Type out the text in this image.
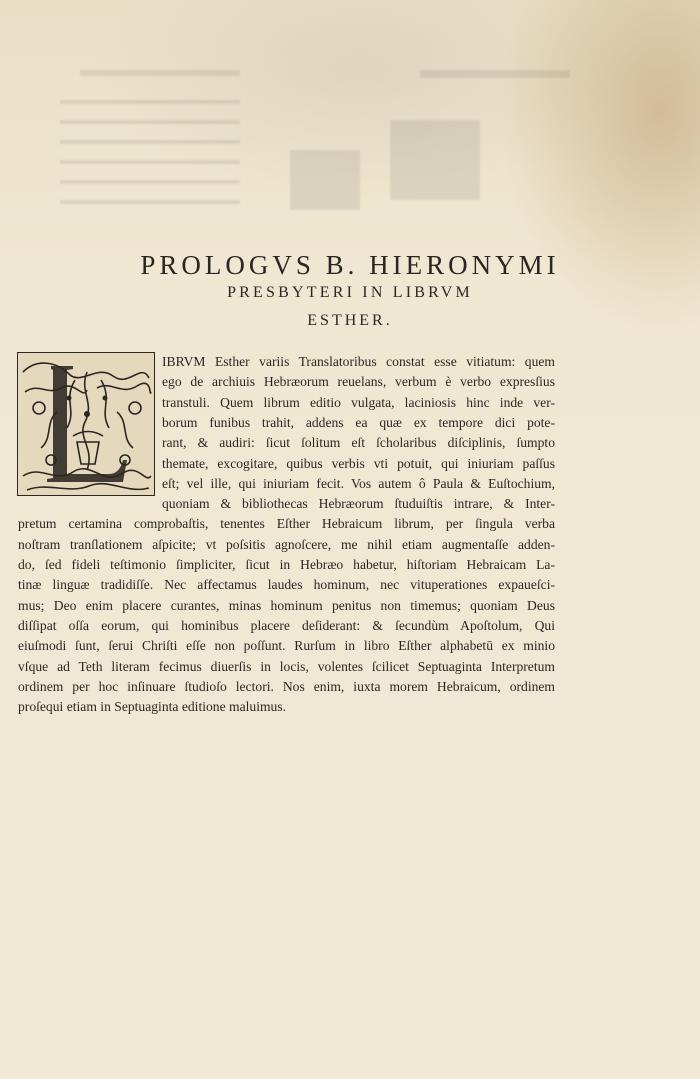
PROLOGVS B. HIERONYMI
PRESBYTERI IN LIBRVM
ESTHER.
IBRVM Esther variis Translatoribus constat esse vitiatum: quem
ego de archiuis Hebræorum reuelans, verbum è verbo expresſius
transtuli. Quem librum editio vulgata, laciniosis hinc inde ver-
borum funibus trahit, addens ea quæ ex tempore dici pote-
rant, & audiri: ſicut ſolitum eſt ſcholaribus diſciplinis, ſumpto
themate, excogitare, quibus verbis vti potuit, qui iniuriam paſſus
eſt; vel ille, qui iniuriam fecit. Vos autem ô Paula & Euſtochium,
quoniam & bibliothecas Hebræorum ſtuduiſtis intrare, & Inter-
pretum certamina comprobaſtis, tenentes Eſther Hebraicum librum, per ſingula verba
noſtram tranſlationem aſpicite; vt poſsitis agnoſcere, me nihil etiam augmentaſſe adden-
do, ſed fideli teſtimonio ſimpliciter, ſicut in Hebræo habetur, hiſtoriam Hebraicam La-
tinæ linguæ tradidiſſe. Nec affectamus laudes hominum, nec vituperationes expaueſci-
mus; Deo enim placere curantes, minas hominum penitus non timemus; quoniam Deus
diſſipat oſſa eorum, qui hominibus placere deſiderant: & ſecundùm Apoſtolum, Qui
eiuſmodi ſunt, ſerui Chriſti eſſe non poſſunt. Rurſum in libro Eſther alphabetū ex minio
vſque ad Teth literam fecimus diuerſis in locis, volentes ſcilicet Septuaginta Interpretum
ordinem per hoc inſinuare ſtudioſo lectori. Nos enim, iuxta morem Hebraicum, ordinem
proſequi etiam in Septuaginta editione maluimus.
